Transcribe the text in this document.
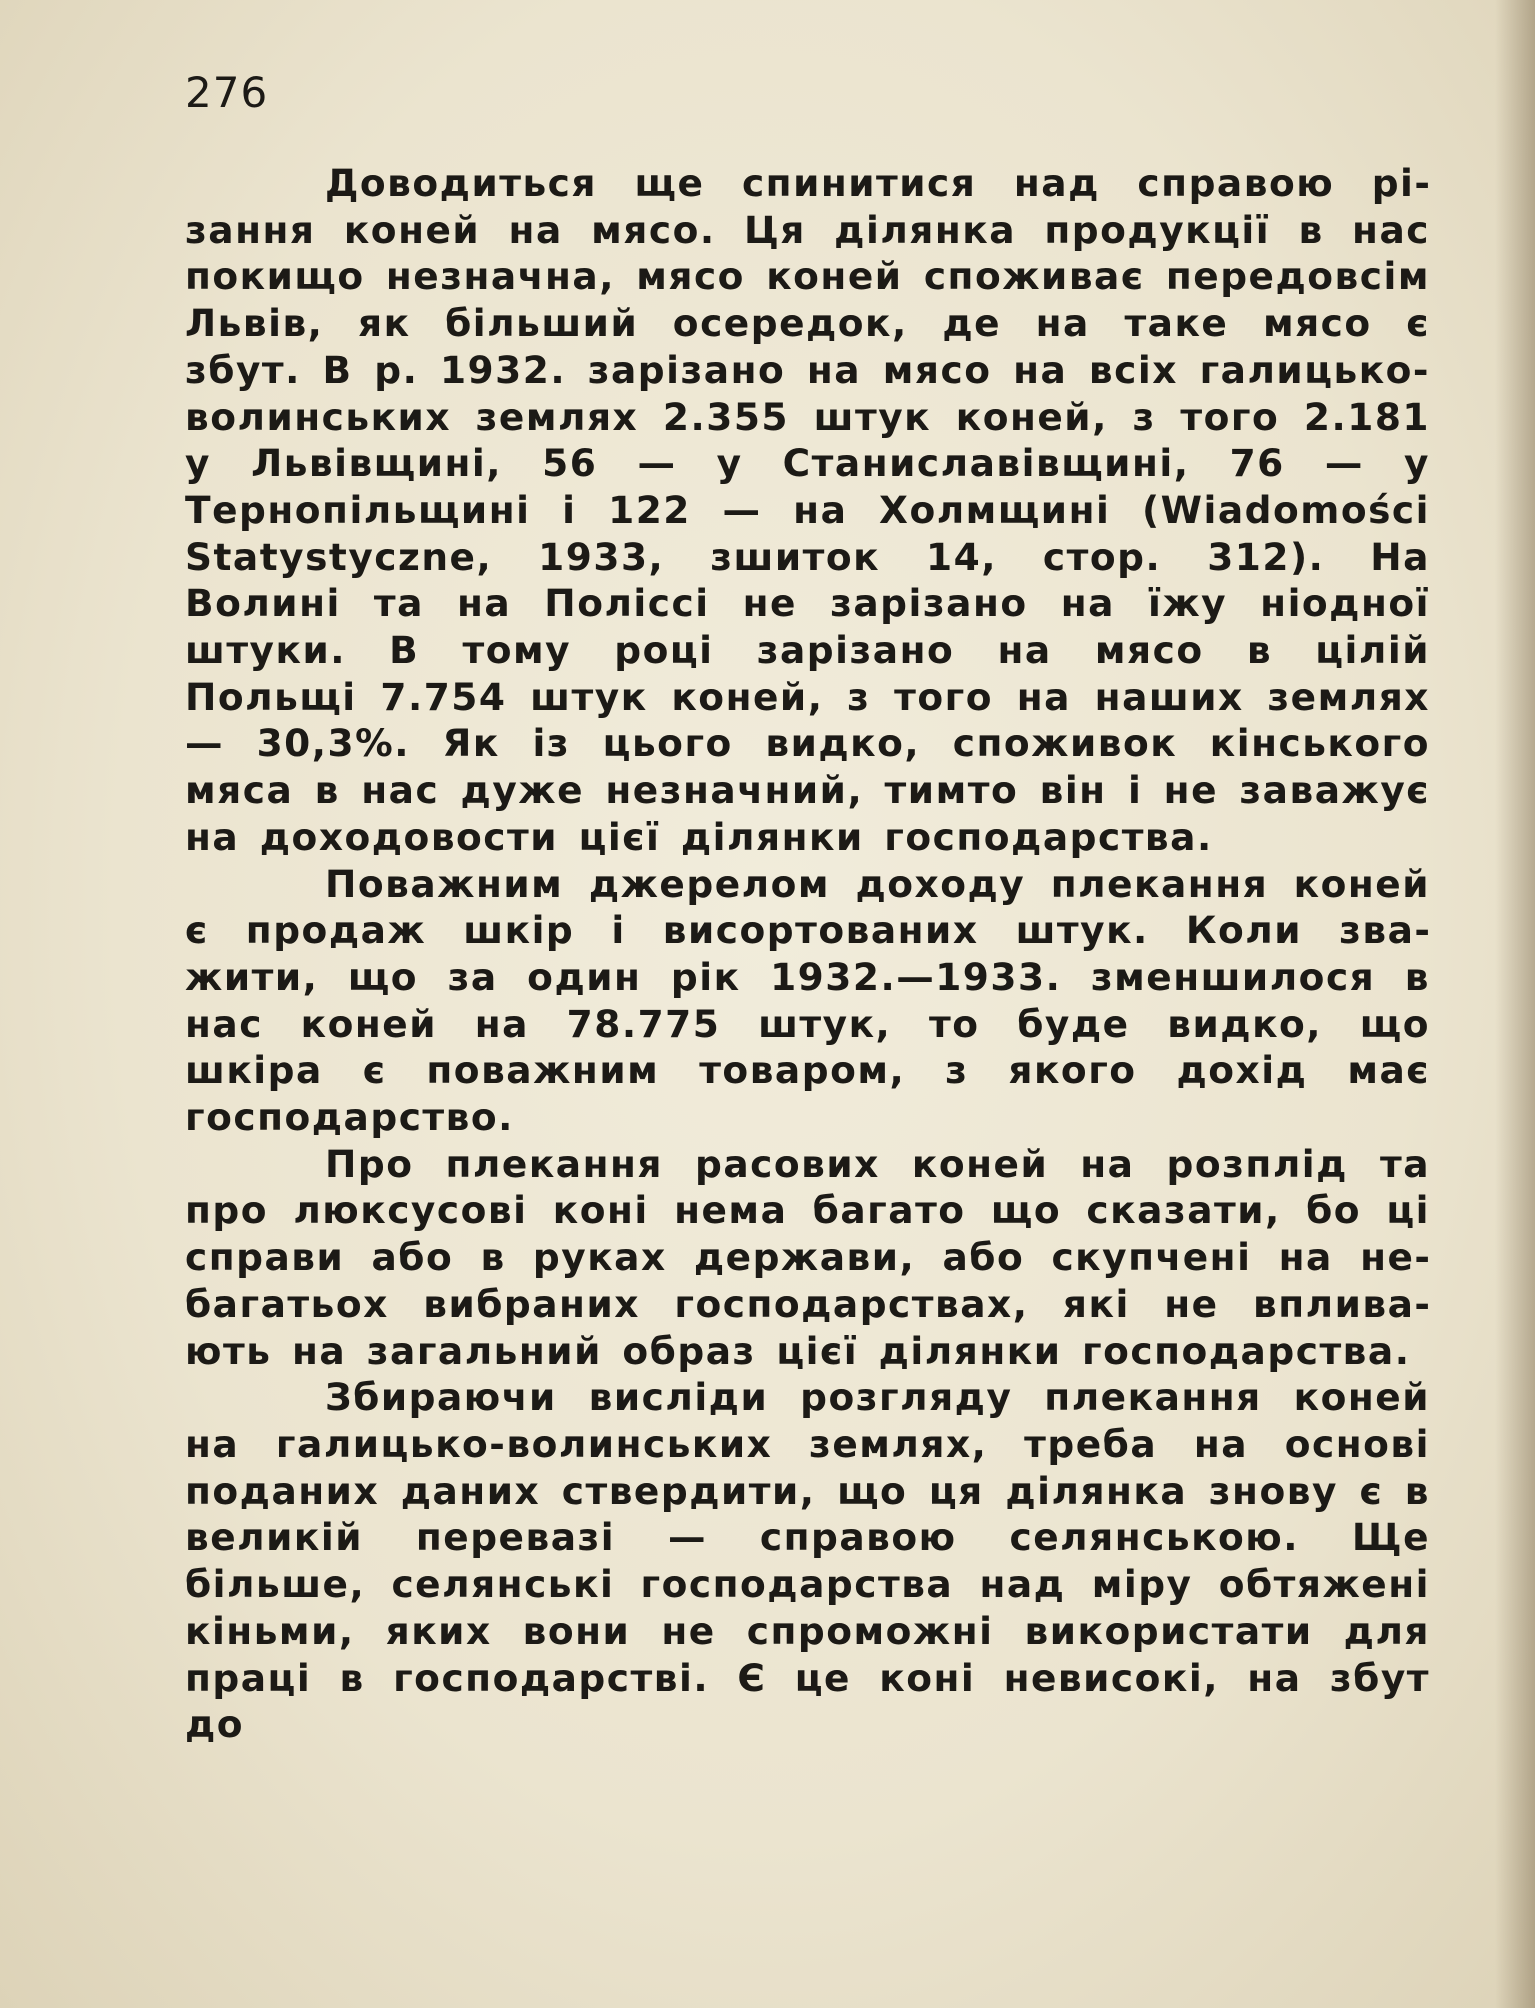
276

Доводиться ще спинитися над справою різання коней на мясо. Ця ділянка продукції в нас покищо незначна, мясо коней споживає передовсім Львів, як більший осередок, де на таке мясо є збут. В р. 1932. зарізано на мясо на всіх галицько-волинських землях 2.355 штук коней, з того 2.181 у Львівщині, 56 — у Станиславівщині, 76 — у Тернопільщині і 122 — на Холмщині (Wiadomości Statystyczne, 1933, зшиток 14, стор. 312). На Волині та на Поліссі не зарізано на їжу ніодної штуки. В тому році зарізано на мясо в цілій Польщі 7.754 штук коней, з того на наших землях — 30,3%. Як із цього видко, споживок кінського мяса в нас дуже незначний, тимто він і не заважує на доходовости цієї ділянки господарства.

Поважним джерелом доходу плекання коней є продаж шкір і висортованих штук. Коли зважити, що за один рік 1932.—1933. зменшилося в нас коней на 78.775 штук, то буде видко, що шкіра є поважним товаром, з якого дохід має господарство.

Про плекання расових коней на розплід та про люксусові коні нема багато що сказати, бо ці справи або в руках держави, або скупчені на небагатьох вибраних господарствах, які не впливають на загальний образ цієї ділянки господарства.

Збираючи висліди розгляду плекання коней на галицько-волинських землях, треба на основі поданих даних ствердити, що ця ділянка знову є в великій перевазі — справою селянською. Ще більше, селянські господарства над міру обтяжені кіньми, яких вони не спроможні використати для праці в господарстві. Є це коні невисокі, на збут до
